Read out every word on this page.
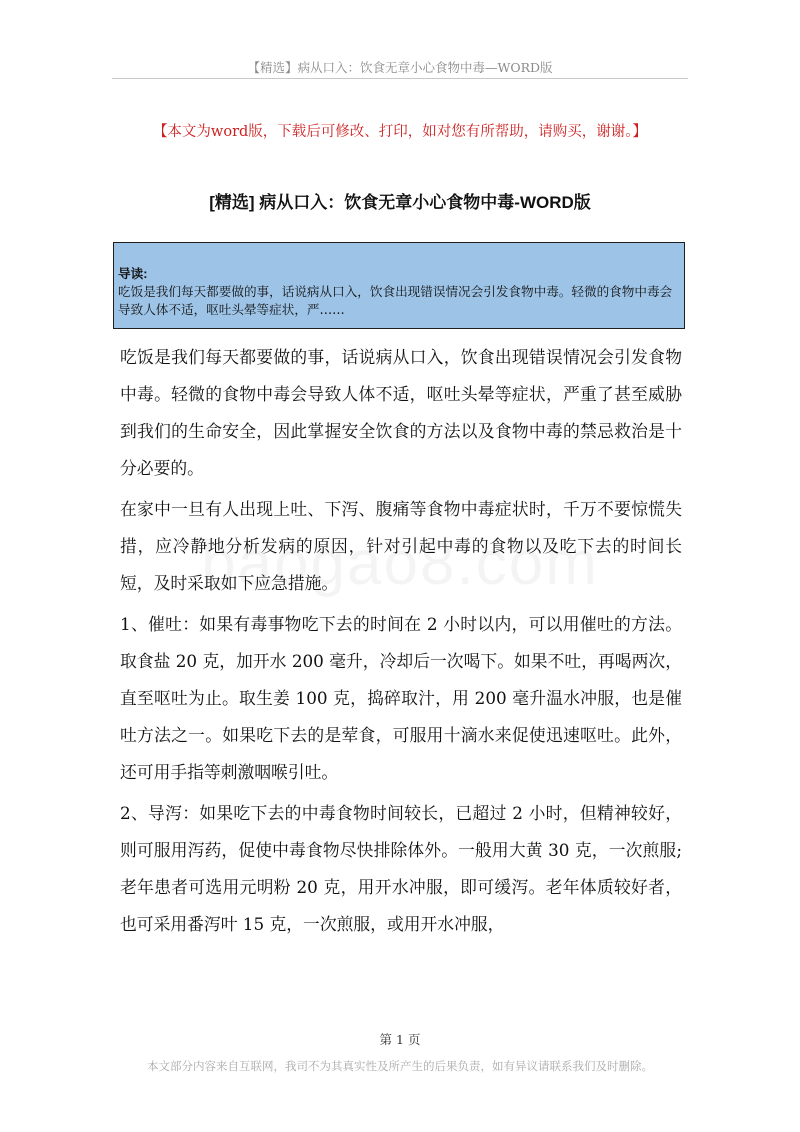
【精选】病从口入：饮食无章小心食物中毒—WORD版
【本文为word版，下载后可修改、打印，如对您有所帮助，请购买，谢谢。】
[精选] 病从口入：饮食无章小心食物中毒-WORD版
导读:
吃饭是我们每天都要做的事，话说病从口入，饮食出现错误情况会引发食物中毒。轻微的食物中毒会导致人体不适，呕吐头晕等症状，严……

吃饭是我们每天都要做的事，话说病从口入，饮食出现错误情况会引发食物中毒。轻微的食物中毒会导致人体不适，呕吐头晕等症状，严重了甚至威胁到我们的生命安全，因此掌握安全饮食的方法以及食物中毒的禁忌救治是十分必要的。

在家中一旦有人出现上吐、下泻、腹痛等食物中毒症状时，千万不要惊慌失措，应冷静地分析发病的原因，针对引起中毒的食物以及吃下去的时间长短，及时采取如下应急措施。

1、催吐：如果有毒事物吃下去的时间在 2 小时以内，可以用催吐的方法。取食盐 20 克，加开水 200 毫升，冷却后一次喝下。如果不吐，再喝两次，直至呕吐为止。取生姜 100 克，捣碎取汁，用 200 毫升温水冲服，也是催吐方法之一。如果吃下去的是荤食，可服用十滴水来促使迅速呕吐。此外，还可用手指等刺激咽喉引吐。

2、导泻：如果吃下去的中毒食物时间较长，已超过 2 小时，但精神较好，则可服用泻药，促使中毒食物尽快排除体外。一般用大黄 30 克，一次煎服;老年患者可选用元明粉 20 克，用开水冲服，即可缓泻。老年体质较好者，也可采用番泻叶 15 克，一次煎服，或用开水冲服，

第 1 页
本文部分内容来自互联网，我司不为其真实性及所产生的后果负责，如有异议请联系我们及时删除。
